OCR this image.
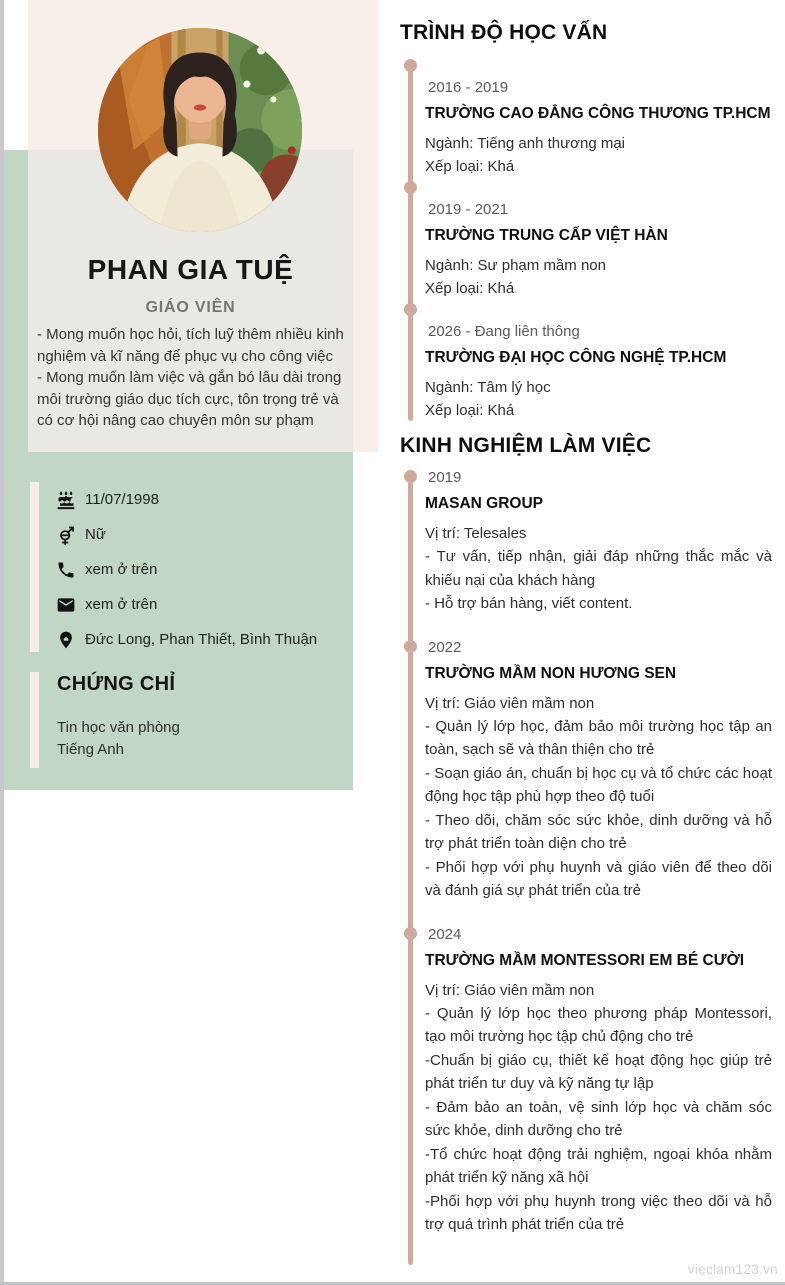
PHAN GIA TUỆ
GIÁO VIÊN
- Mong muốn học hỏi, tích luỹ thêm nhiều kinh nghiệm và kĩ năng để phục vụ cho công việc
- Mong muốn làm việc và gắn bó lâu dài trong môi trường giáo dục tích cực, tôn trọng trẻ và có cơ hội nâng cao chuyên môn sư phạm
11/07/1998
Nữ
xem ở trên
xem ở trên
Đức Long, Phan Thiết, Bình Thuận
CHỨNG CHỈ
Tin học văn phòng
Tiếng Anh
TRÌNH ĐỘ HỌC VẤN
2016 - 2019
TRƯỜNG CAO ĐẲNG CÔNG THƯƠNG TP.HCM
Ngành: Tiếng anh thương mại
Xếp loại: Khá
2019 - 2021
TRƯỜNG TRUNG CẤP VIỆT HÀN
Ngành: Sư phạm mầm non
Xếp loại: Khá
2026 - Đang liên thông
TRƯỜNG ĐẠI HỌC CÔNG NGHỆ TP.HCM
Ngành: Tâm lý học
Xếp loại: Khá
KINH NGHIỆM LÀM VIỆC
2019
MASAN GROUP
Vị trí: Telesales
- Tư vấn, tiếp nhận, giải đáp những thắc mắc và khiếu nại của khách hàng
- Hỗ trợ bán hàng, viết content.
2022
TRƯỜNG MẦM NON HƯƠNG SEN
Vị trí: Giáo viên mầm non
- Quản lý lớp học, đảm bảo môi trường học tập an toàn, sạch sẽ và thân thiện cho trẻ
- Soạn giáo án, chuẩn bị học cụ và tổ chức các hoạt động học tập phù hợp theo độ tuổi
- Theo dõi, chăm sóc sức khỏe, dinh dưỡng và hỗ trợ phát triển toàn diện cho trẻ
- Phối hợp với phụ huynh và giáo viên để theo dõi và đánh giá sự phát triển của trẻ
2024
TRƯỜNG MẦM MONTESSORI EM BÉ CƯỜI
Vị trí: Giáo viên mầm non
- Quản lý lớp học theo phương pháp Montessori, tạo môi trường học tập chủ động cho trẻ
-Chuẩn bị giáo cụ, thiết kế hoạt động học giúp trẻ phát triển tư duy và kỹ năng tự lập
- Đảm bảo an toàn, vệ sinh lớp học và chăm sóc sức khỏe, dinh dưỡng cho trẻ
-Tổ chức hoạt động trải nghiệm, ngoại khóa nhằm phát triển kỹ năng xã hội
-Phối hợp với phụ huynh trong việc theo dõi và hỗ trợ quá trình phát triển của trẻ
vieclam123.vn
